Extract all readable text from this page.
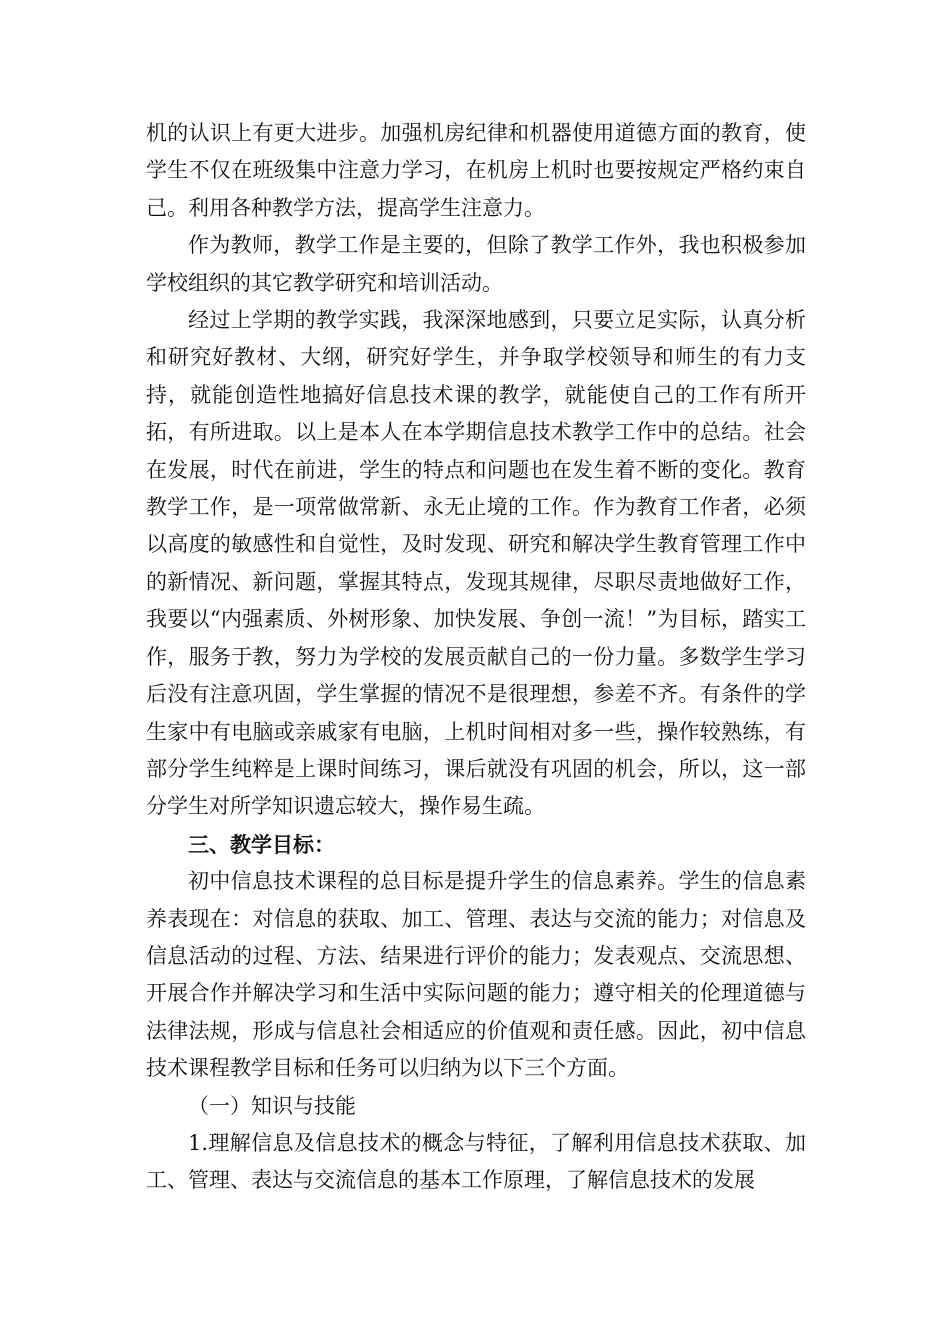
机的认识上有更大进步。加强机房纪律和机器使用道德方面的教育，使学生不仅在班级集中注意力学习，在机房上机时也要按规定严格约束自己。利用各种教学方法，提高学生注意力。

作为教师，教学工作是主要的，但除了教学工作外，我也积极参加学校组织的其它教学研究和培训活动。

经过上学期的教学实践，我深深地感到，只要立足实际，认真分析和研究好教材、大纲，研究好学生，并争取学校领导和师生的有力支持，就能创造性地搞好信息技术课的教学，就能使自己的工作有所开拓，有所进取。以上是本人在本学期信息技术教学工作中的总结。社会在发展，时代在前进，学生的特点和问题也在发生着不断的变化。教育教学工作，是一项常做常新、永无止境的工作。作为教育工作者，必须以高度的敏感性和自觉性，及时发现、研究和解决学生教育管理工作中的新情况、新问题，掌握其特点，发现其规律，尽职尽责地做好工作，我要以“内强素质、外树形象、加快发展、争创一流！”为目标，踏实工作，服务于教，努力为学校的发展贡献自己的一份力量。多数学生学习后没有注意巩固，学生掌握的情况不是很理想，参差不齐。有条件的学生家中有电脑或亲戚家有电脑，上机时间相对多一些，操作较熟练，有部分学生纯粹是上课时间练习，课后就没有巩固的机会，所以，这一部分学生对所学知识遗忘较大，操作易生疏。

三、教学目标：

初中信息技术课程的总目标是提升学生的信息素养。学生的信息素养表现在：对信息的获取、加工、管理、表达与交流的能力；对信息及信息活动的过程、方法、结果进行评价的能力；发表观点、交流思想、开展合作并解决学习和生活中实际问题的能力；遵守相关的伦理道德与法律法规，形成与信息社会相适应的价值观和责任感。因此，初中信息技术课程教学目标和任务可以归纳为以下三个方面。

（一）知识与技能

1.理解信息及信息技术的概念与特征，了解利用信息技术获取、加工、管理、表达与交流信息的基本工作原理，了解信息技术的发展
